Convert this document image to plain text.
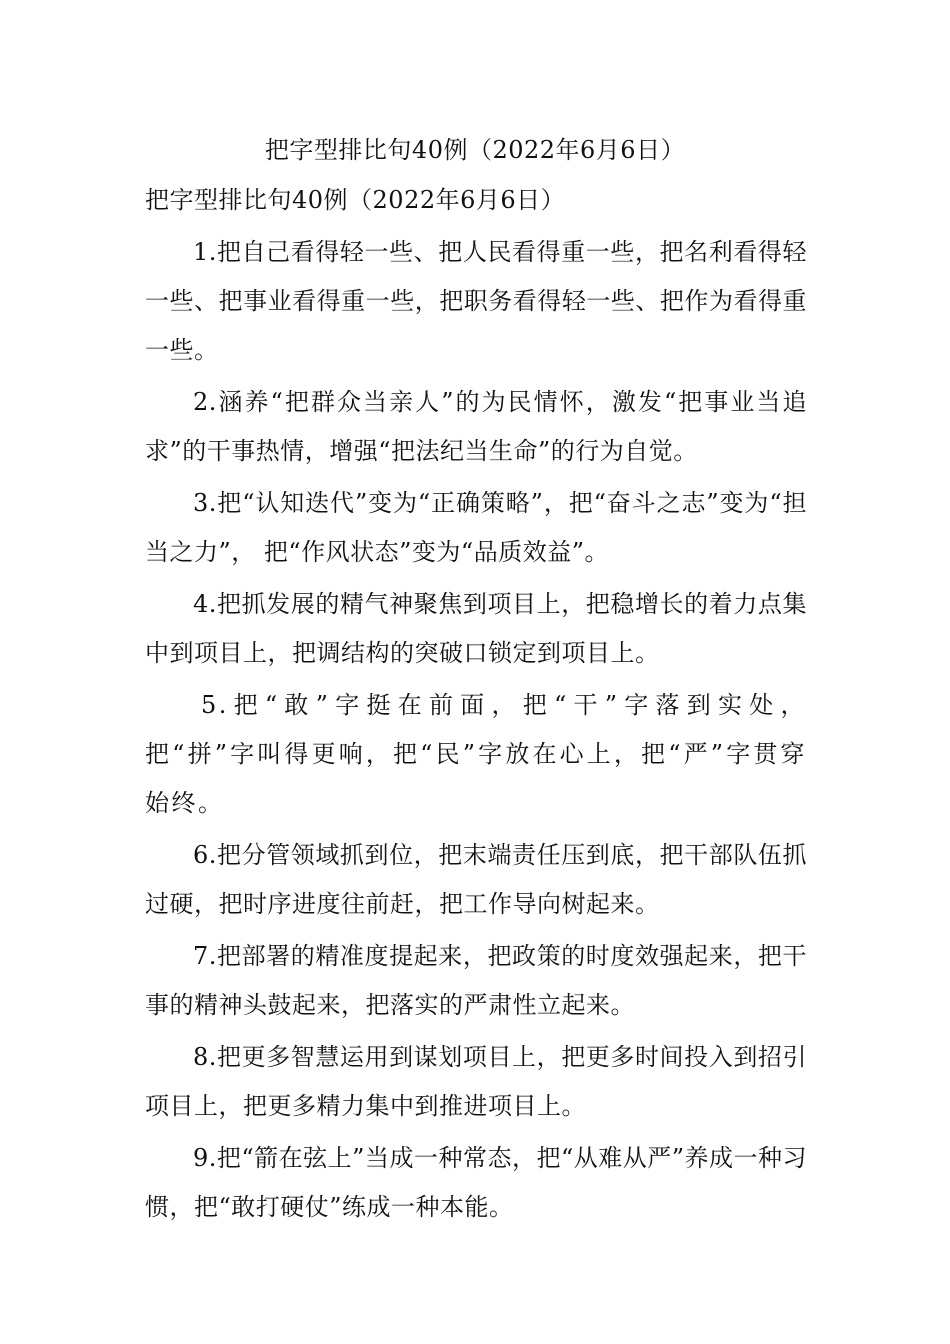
把字型排比句40例（2022年6月6日）
把字型排比句40例（2022年6月6日）

1.把自己看得轻一些、把人民看得重一些，把名利看得轻一些、把事业看得重一些，把职务看得轻一些、把作为看得重一些。

2.涵养“把群众当亲人”的为民情怀，激发“把事业当追求”的干事热情，增强“把法纪当生命”的行为自觉。

3.把“认知迭代”变为“正确策略”，把“奋斗之志”变为“担当之力”， 把“作风状态”变为“品质效益”。

4.把抓发展的精气神聚焦到项目上，把稳增长的着力点集中到项目上，把调结构的突破口锁定到项目上。

5.把“敢”字挺在前面，把“干”字落到实处，把“拼”字叫得更响，把“民”字放在心上，把“严”字贯穿始终。

6.把分管领域抓到位，把末端责任压到底，把干部队伍抓过硬，把时序进度往前赶，把工作导向树起来。

7.把部署的精准度提起来，把政策的时度效强起来，把干事的精神头鼓起来，把落实的严肃性立起来。

8.把更多智慧运用到谋划项目上，把更多时间投入到招引项目上，把更多精力集中到推进项目上。

9.把“箭在弦上”当成一种常态，把“从难从严”养成一种习惯，把“敢打硬仗”练成一种本能。
